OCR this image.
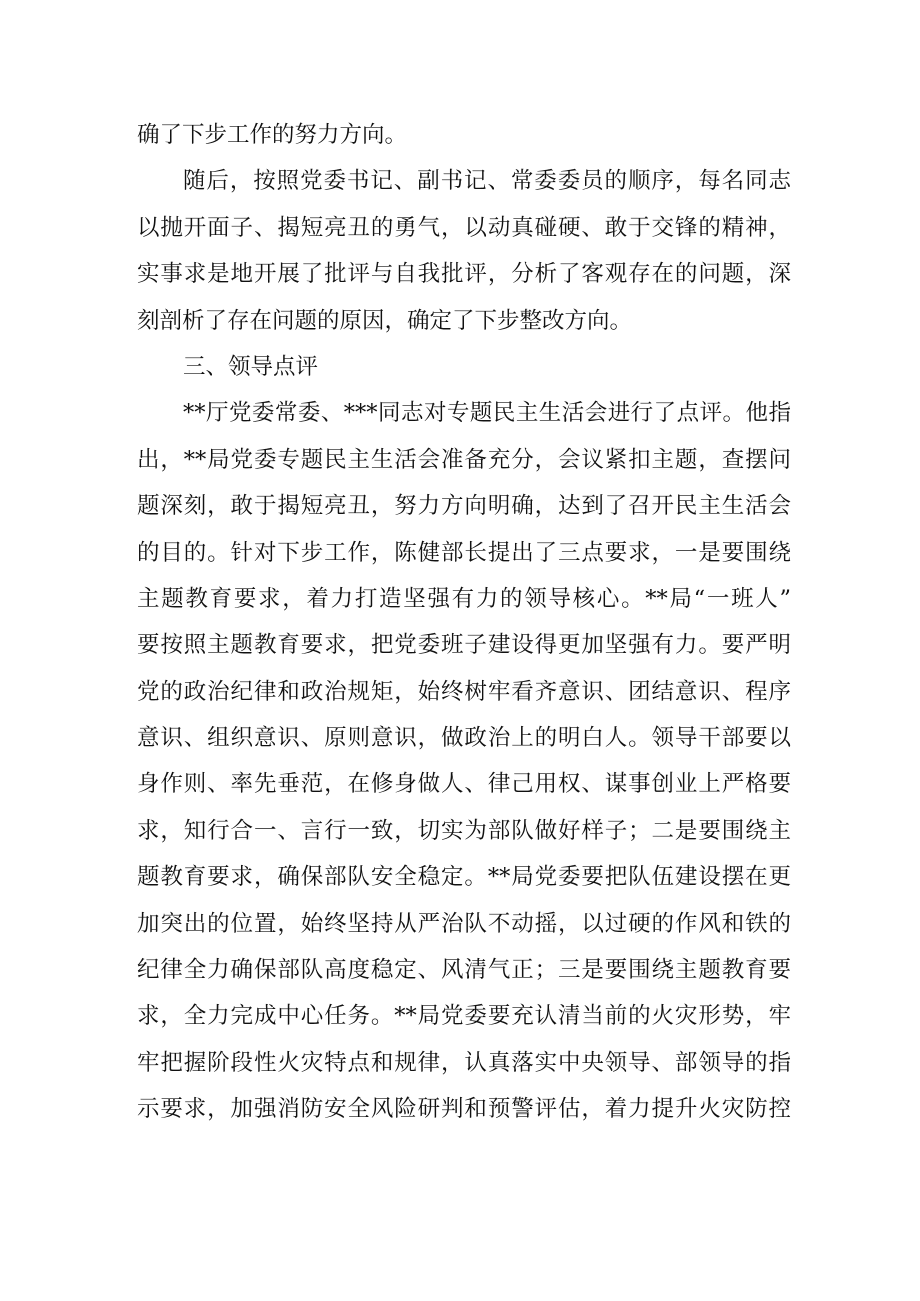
确了下步工作的努力方向。
随后，按照党委书记、副书记、常委委员的顺序，每名同志
以抛开面子、揭短亮丑的勇气，以动真碰硬、敢于交锋的精神，
实事求是地开展了批评与自我批评，分析了客观存在的问题，深
刻剖析了存在问题的原因，确定了下步整改方向。
三、领导点评
**厅党委常委、***同志对专题民主生活会进行了点评。他指
出，**局党委专题民主生活会准备充分，会议紧扣主题，查摆问
题深刻，敢于揭短亮丑，努力方向明确，达到了召开民主生活会
的目的。针对下步工作，陈健部长提出了三点要求，一是要围绕
主题教育要求，着力打造坚强有力的领导核心。**局“一班人”
要按照主题教育要求，把党委班子建设得更加坚强有力。要严明
党的政治纪律和政治规矩，始终树牢看齐意识、团结意识、程序
意识、组织意识、原则意识，做政治上的明白人。领导干部要以
身作则、率先垂范，在修身做人、律己用权、谋事创业上严格要
求，知行合一、言行一致，切实为部队做好样子；二是要围绕主
题教育要求，确保部队安全稳定。**局党委要把队伍建设摆在更
加突出的位置，始终坚持从严治队不动摇，以过硬的作风和铁的
纪律全力确保部队高度稳定、风清气正；三是要围绕主题教育要
求，全力完成中心任务。**局党委要充认清当前的火灾形势，牢
牢把握阶段性火灾特点和规律，认真落实中央领导、部领导的指
示要求，加强消防安全风险研判和预警评估，着力提升火灾防控
